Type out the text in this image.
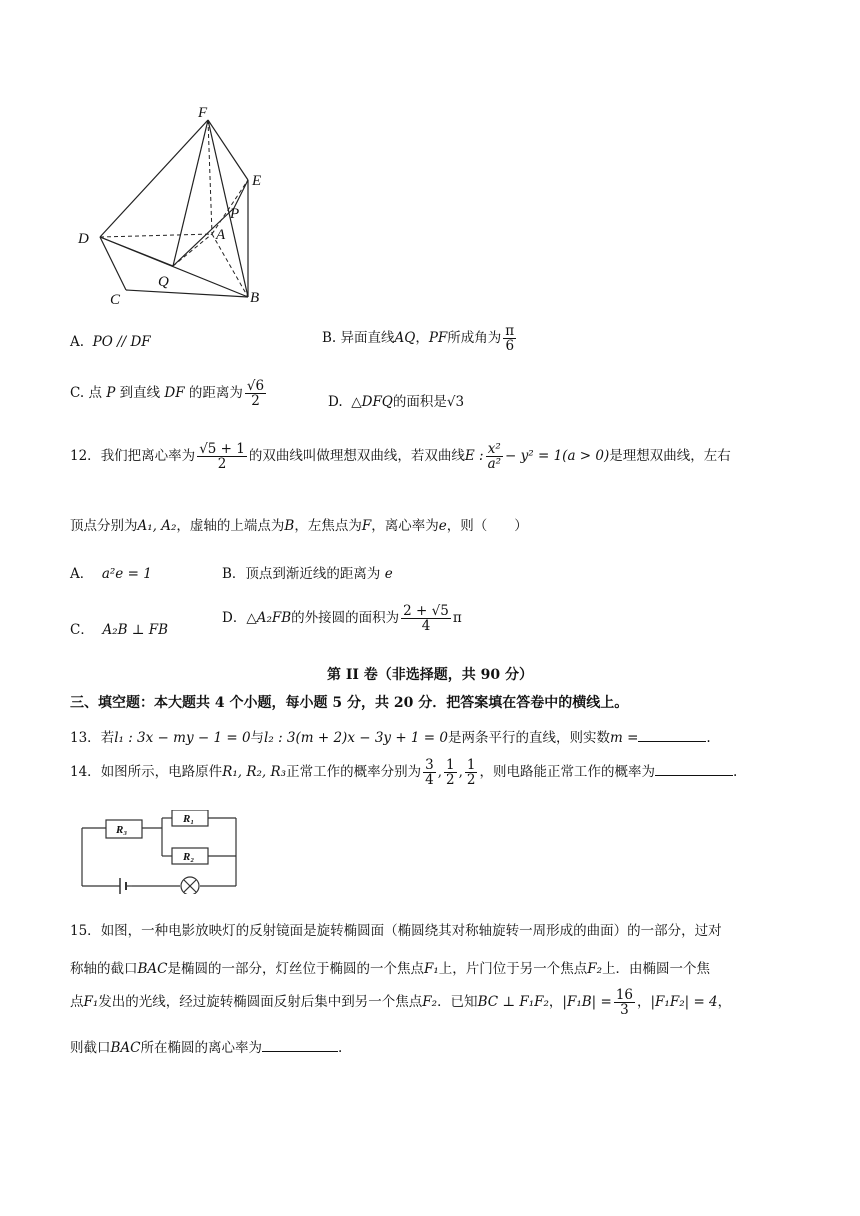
F
E
P
A
D
Q
C	B
A. PO // DF	B. 异面直线AQ，PF所成角为 $\frac{\pi}{6}$
C. 点 P 到直线 DF 的距离为 $\frac{√6}{2}$	D. △DFQ的面积是√3
12．我们把离心率为 $\frac{√5 + 1}{2}$ 的双曲线叫做理想双曲线，若双曲线E : $\frac{\text{x²}}{\text{a²}} - y^2 = 1(a > 0)$是理想双曲线，左右
顶点分别为A₁, A₂，虚轴的上端点为B，左焦点为F，离心率为e，则（　　）
A． a²e = 1	B．顶点到渐近线的距离为 e
C． A₂B ⊥ FB
D．△A₂FB的外接圆的面积为 $\frac{2 + √5}{4}$ π
第 II 卷（非选择题，共 90 分）
三、填空题：本大题共 4 个小题，每小题 5 分，共 20 分．把答案填在答卷中的横线上。
13．若l₁ : 3x − my − 1 = 0与l₂ : 3(m + 2)x − 3y + 1 = 0是两条平行的直线，则实数m =	.
14．如图所示，电路原件R₁, R₂, R₃正常工作的概率分别为 $\frac{3}{4}$ , $\frac{1}{2}$ , $\frac{1}{2}$ ，则电路能正常工作的概率为	.
R₃
R₁
R₂
15．如图，一种电影放映灯的反射镜面是旋转椭圆面（椭圆绕其对称轴旋转一周形成的曲面）的一部分，过对
称轴的截口BAC是椭圆的一部分，灯丝位于椭圆的一个焦点F₁上，片门位于另一个焦点F₂上．由椭圆一个焦
点F₁发出的光线，经过旋转椭圆面反射后集中到另一个焦点F₂．已知BC ⊥ F₁F₂，$|F_1B| = \frac{16}{3}$ ，|F₁F₂| = 4，
则截口BAC所在椭圆的离心率为	.
